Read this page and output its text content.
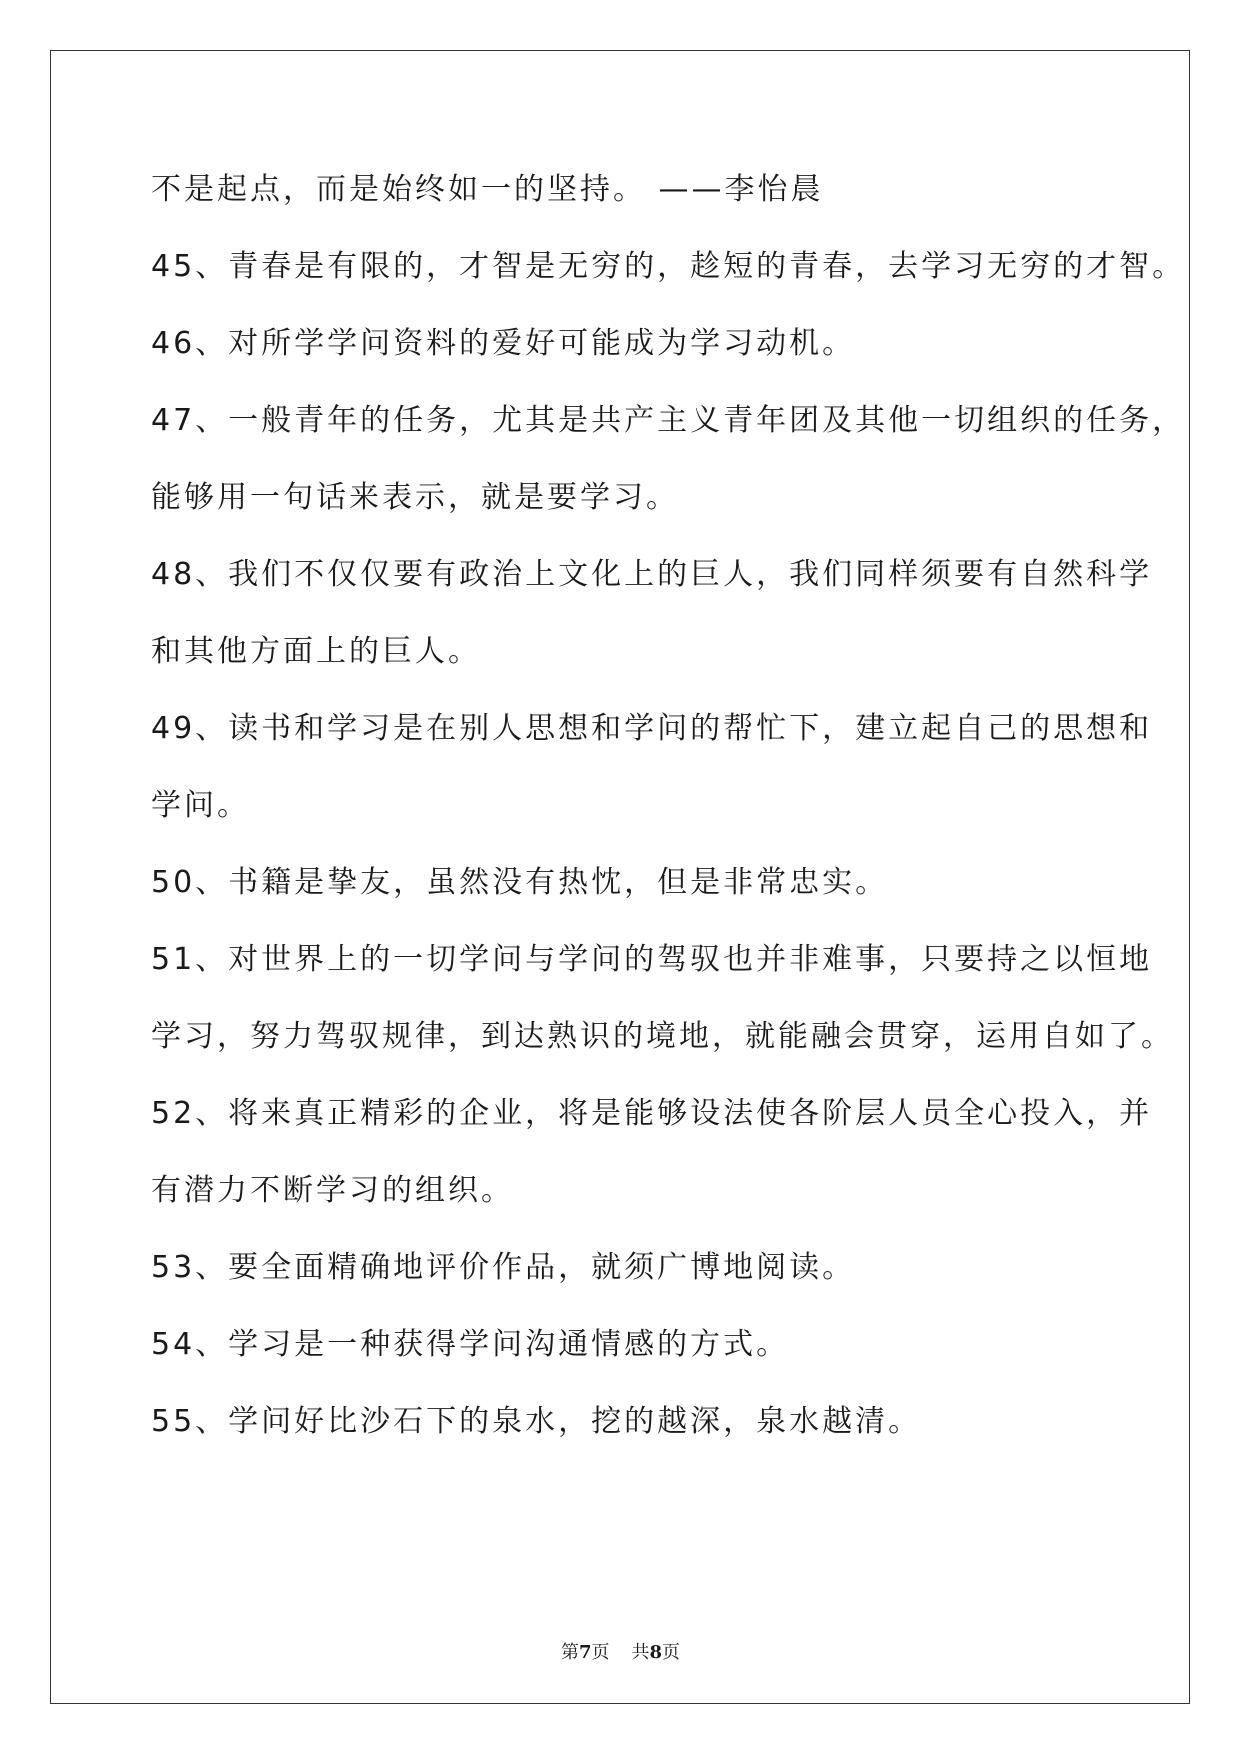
不是起点，而是始终如一的坚持。 ——李怡晨
45、青春是有限的，才智是无穷的，趁短的青春，去学习无穷的才智。
46、对所学学问资料的爱好可能成为学习动机。
47、一般青年的任务，尤其是共产主义青年团及其他一切组织的任务，
能够用一句话来表示，就是要学习。
48、我们不仅仅要有政治上文化上的巨人，我们同样须要有自然科学
和其他方面上的巨人。
49、读书和学习是在别人思想和学问的帮忙下，建立起自己的思想和
学问。
50、书籍是挚友，虽然没有热忱，但是非常忠实。
51、对世界上的一切学问与学问的驾驭也并非难事，只要持之以恒地
学习，努力驾驭规律，到达熟识的境地，就能融会贯穿，运用自如了。
52、将来真正精彩的企业，将是能够设法使各阶层人员全心投入，并
有潜力不断学习的组织。
53、要全面精确地评价作品，就须广博地阅读。
54、学习是一种获得学问沟通情感的方式。
55、学问好比沙石下的泉水，挖的越深，泉水越清。
第7页 共8页
